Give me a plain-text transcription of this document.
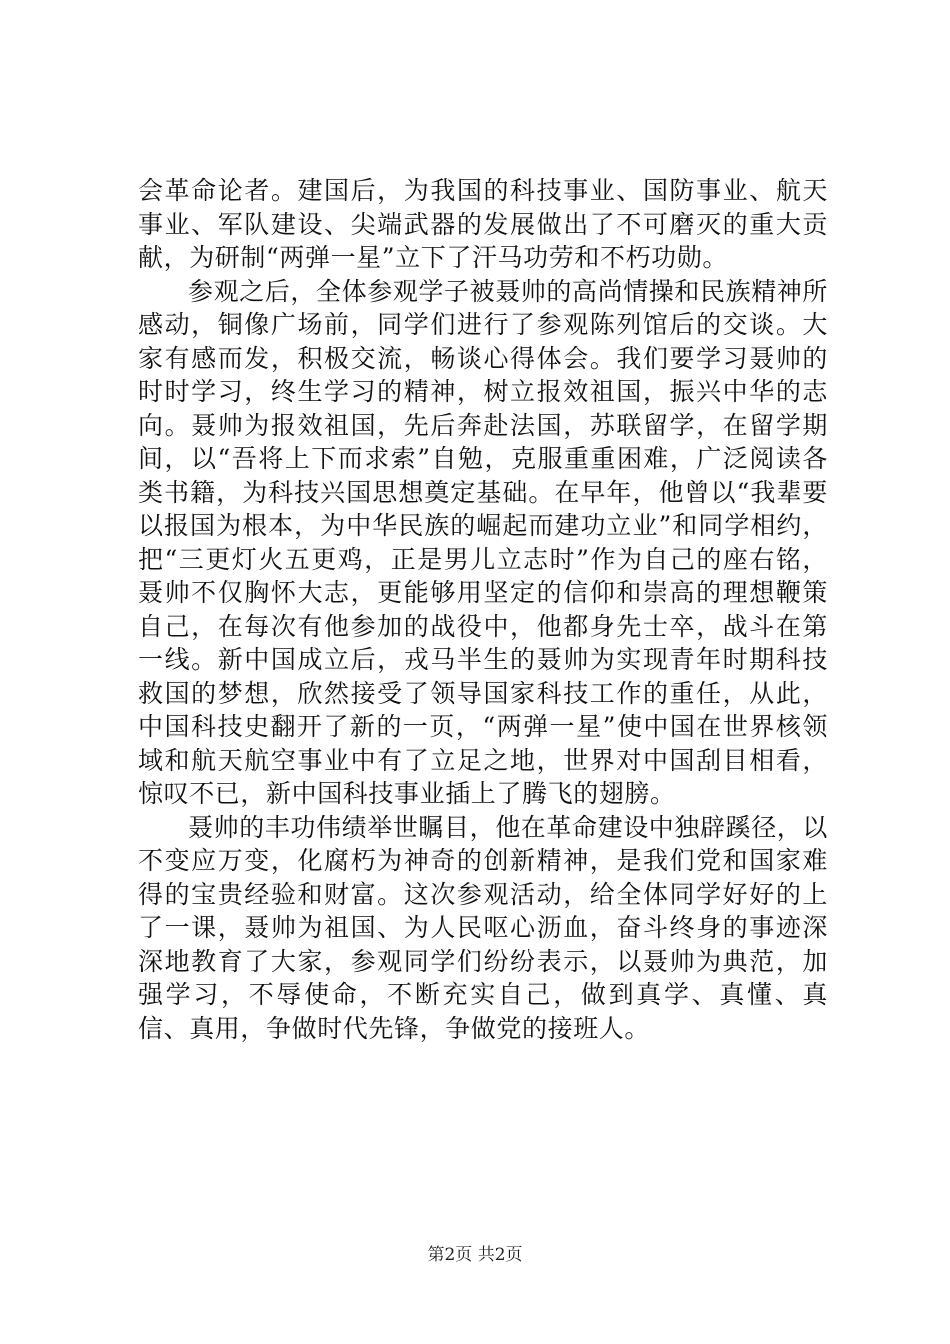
会革命论者。建国后，为我国的科技事业、国防事业、航天事业、军队建设、尖端武器的发展做出了不可磨灭的重大贡献，为研制“两弹一星”立下了汗马功劳和不朽功勋。

参观之后，全体参观学子被聂帅的高尚情操和民族精神所感动，铜像广场前，同学们进行了参观陈列馆后的交谈。大家有感而发，积极交流，畅谈心得体会。我们要学习聂帅的时时学习，终生学习的精神，树立报效祖国，振兴中华的志向。聂帅为报效祖国，先后奔赴法国，苏联留学，在留学期间，以“吾将上下而求索”自勉，克服重重困难，广泛阅读各类书籍，为科技兴国思想奠定基础。在早年，他曾以“我辈要以报国为根本，为中华民族的崛起而建功立业”和同学相约，把“三更灯火五更鸡，正是男儿立志时”作为自己的座右铭，聂帅不仅胸怀大志，更能够用坚定的信仰和崇高的理想鞭策自己，在每次有他参加的战役中，他都身先士卒，战斗在第一线。新中国成立后，戎马半生的聂帅为实现青年时期科技救国的梦想，欣然接受了领导国家科技工作的重任，从此，中国科技史翻开了新的一页，“两弹一星”使中国在世界核领域和航天航空事业中有了立足之地，世界对中国刮目相看，惊叹不已，新中国科技事业插上了腾飞的翅膀。

聂帅的丰功伟绩举世瞩目，他在革命建设中独辟蹊径，以不变应万变，化腐朽为神奇的创新精神，是我们党和国家难得的宝贵经验和财富。这次参观活动，给全体同学好好的上了一课，聂帅为祖国、为人民呕心沥血，奋斗终身的事迹深深地教育了大家，参观同学们纷纷表示，以聂帅为典范，加强学习，不辱使命，不断充实自己，做到真学、真懂、真信、真用，争做时代先锋，争做党的接班人。

第2页 共2页
